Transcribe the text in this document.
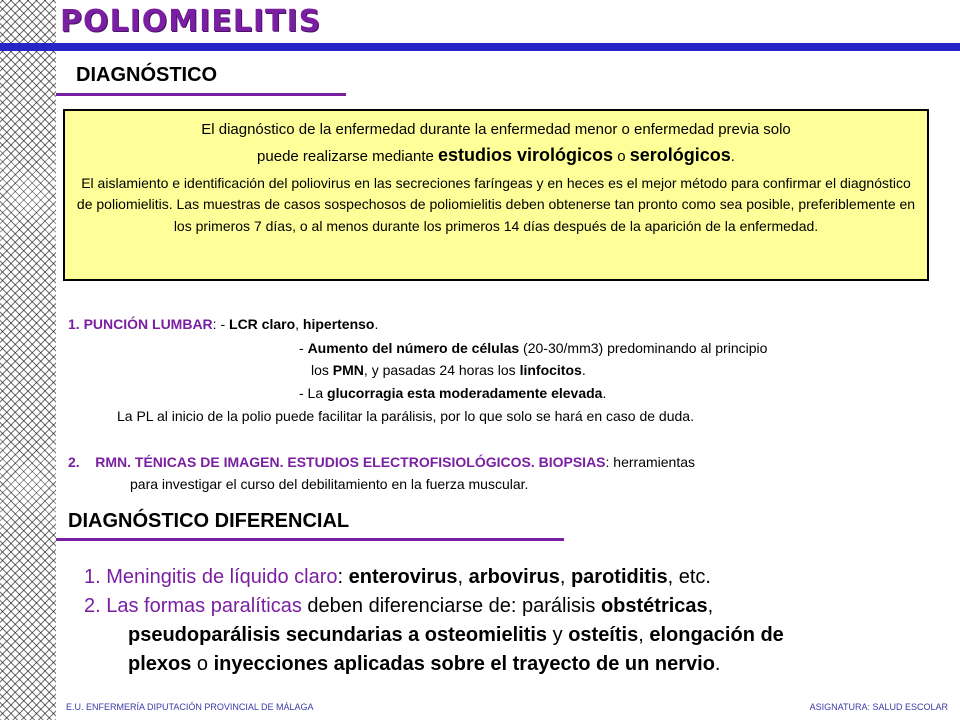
POLIOMIELITIS
DIAGNÓSTICO

El diagnóstico de la enfermedad durante la enfermedad menor o enfermedad previa solo
puede realizarse mediante estudios virológicos o serológicos.

El aislamiento e identificación del poliovirus en las secreciones faríngeas y en heces es el mejor método para confirmar el diagnóstico de poliomielitis. Las muestras de casos sospechosos de poliomielitis deben obtenerse tan pronto como sea posible, preferiblemente en los primeros 7 días, o al menos durante los primeros 14 días después de la aparición de la enfermedad.

1. PUNCIÓN LUMBAR: - LCR claro, hipertenso.
- Aumento del número de células (20-30/mm3) predominando al principio
los PMN, y pasadas 24 horas los linfocitos.
- La glucorragia esta moderadamente elevada.
La PL al inicio de la polio puede facilitar la parálisis, por lo que solo se hará en caso de duda.
2. RMN. TÉNICAS DE IMAGEN. ESTUDIOS ELECTROFISIOLÓGICOS. BIOPSIAS: herramientas
para investigar el curso del debilitamiento en la fuerza muscular.
DIAGNÓSTICO DIFERENCIAL
1. Meningitis de líquido claro: enterovirus, arbovirus, parotiditis, etc.
2. Las formas paralíticas deben diferenciarse de: parálisis obstétricas,
pseudoparálisis secundarias a osteomielitis y osteítis, elongación de
plexos o inyecciones aplicadas sobre el trayecto de un nervio.
E.U. ENFERMERÍA DIPUTACIÓN PROVINCIAL DE MÁLAGA	ASIGNATURA: SALUD ESCOLAR
